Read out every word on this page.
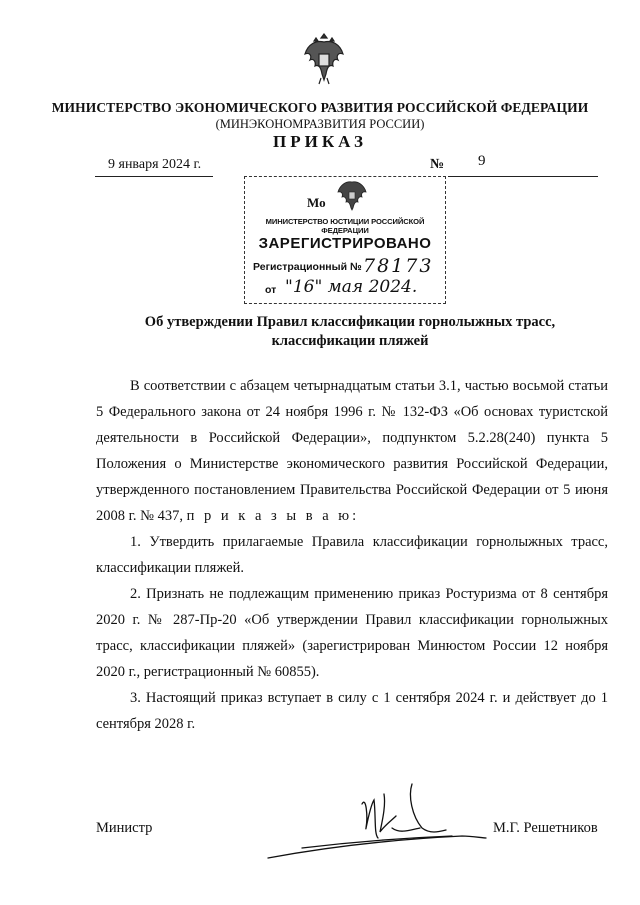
МИНИСТЕРСТВО ЭКОНОМИЧЕСКОГО РАЗВИТИЯ РОССИЙСКОЙ ФЕДЕРАЦИИ
(МИНЭКОНОМРАЗВИТИЯ РОССИИ)
ПРИКАЗ
9 января 2024 г.	№ 9
Мо
МИНИСТЕРСТВО ЮСТИЦИИ РОССИЙСКОЙ ФЕДЕРАЦИИ
ЗАРЕГИСТРИРОВАНО
Регистрационный № 78173
от "16" мая 2024.
Об утверждении Правил классификации горнолыжных трасс,
классификации пляжей

В соответствии с абзацем четырнадцатым статьи 3.1, частью восьмой статьи 5 Федерального закона от 24 ноября 1996 г. № 132-ФЗ «Об основах туристской деятельности в Российской Федерации», подпунктом 5.2.28(240) пункта 5 Положения о Министерстве экономического развития Российской Федерации, утвержденного постановлением Правительства Российской Федерации от 5 июня 2008 г. № 437, п р и к а з ы в а ю:

1. Утвердить прилагаемые Правила классификации горнолыжных трасс, классификации пляжей.

2. Признать не подлежащим применению приказ Ростуризма от 8 сентября 2020 г. № 287-Пр-20 «Об утверждении Правил классификации горнолыжных трасс, классификации пляжей» (зарегистрирован Минюстом России 12 ноября 2020 г., регистрационный № 60855).

3. Настоящий приказ вступает в силу с 1 сентября 2024 г. и действует до 1 сентября 2028 г.

Министр	М.Г. Решетников
